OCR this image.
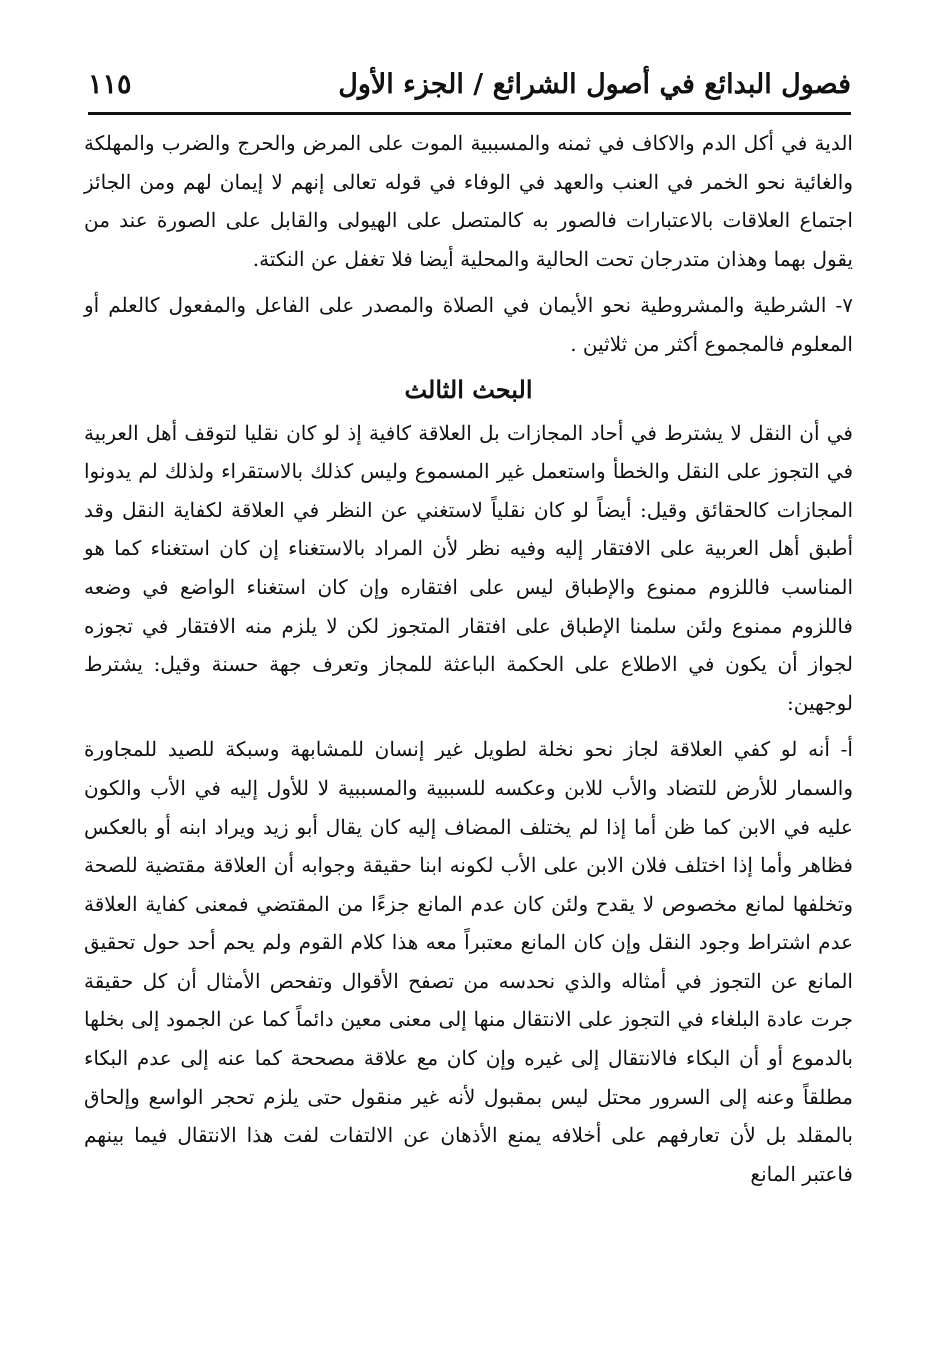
فصول البدائع في أصول الشرائع / الجزء الأول
١١٥

الدية في أكل الدم والاكاف في ثمنه والمسببية الموت على المرض والحرج والضرب والمهلكة والغائية نحو الخمر في العنب والعهد في الوفاء في قوله تعالى إنهم لا إيمان لهم ومن الجائز اجتماع العلاقات بالاعتبارات فالصور به كالمتصل على الهيولى والقابل على الصورة عند من يقول بهما وهذان متدرجان تحت الحالية والمحلية أيضا فلا تغفل عن النكتة.

٧- الشرطية والمشروطية نحو الأيمان في الصلاة والمصدر على الفاعل والمفعول كالعلم أو المعلوم فالمجموع أكثر من ثلاثين .

البحث الثالث

في أن النقل لا يشترط في أحاد المجازات بل العلاقة كافية إذ لو كان نقليا لتوقف أهل العربية في التجوز على النقل والخطأ واستعمل غير المسموع وليس كذلك بالاستقراء ولذلك لم يدونوا المجازات كالحقائق وقيل: أيضاً لو كان نقلياً لاستغني عن النظر في العلاقة لكفاية النقل وقد أطبق أهل العربية على الافتقار إليه وفيه نظر لأن المراد بالاستغناء إن كان استغناء كما هو المناسب فاللزوم ممنوع والإطباق ليس على افتقاره وإن كان استغناء الواضع في وضعه فاللزوم ممنوع ولئن سلمنا الإطباق على افتقار المتجوز لكن لا يلزم منه الافتقار في تجوزه لجواز أن يكون في الاطلاع على الحكمة الباعثة للمجاز وتعرف جهة حسنة وقيل: يشترط لوجهين:

أ- أنه لو كفي العلاقة لجاز نحو نخلة لطويل غير إنسان للمشابهة وسبكة للصيد للمجاورة والسمار للأرض للتضاد والأب للابن وعكسه للسببية والمسببية لا للأول إليه في الأب والكون عليه في الابن كما ظن أما إذا لم يختلف المضاف إليه كان يقال أبو زيد ويراد ابنه أو بالعكس فظاهر وأما إذا اختلف فلان الابن على الأب لكونه ابنا حقيقة وجوابه أن العلاقة مقتضية للصحة وتخلفها لمانع مخصوص لا يقدح ولئن كان عدم المانع جزءًا من المقتضي فمعنى كفاية العلاقة عدم اشتراط وجود النقل وإن كان المانع معتبراً معه هذا كلام القوم ولم يحم أحد حول تحقيق المانع عن التجوز في أمثاله والذي نحدسه من تصفح الأقوال وتفحص الأمثال أن كل حقيقة جرت عادة البلغاء في التجوز على الانتقال منها إلى معنى معين دائماً كما عن الجمود إلى بخلها بالدموع أو أن البكاء فالانتقال إلى غيره وإن كان مع علاقة مصححة كما عنه إلى عدم البكاء مطلقاً وعنه إلى السرور محتل ليس بمقبول لأنه غير منقول حتى يلزم تحجر الواسع وإلحاق بالمقلد بل لأن تعارفهم على أخلافه يمنع الأذهان عن الالتفات لفت هذا الانتقال فيما بينهم فاعتبر المانع
